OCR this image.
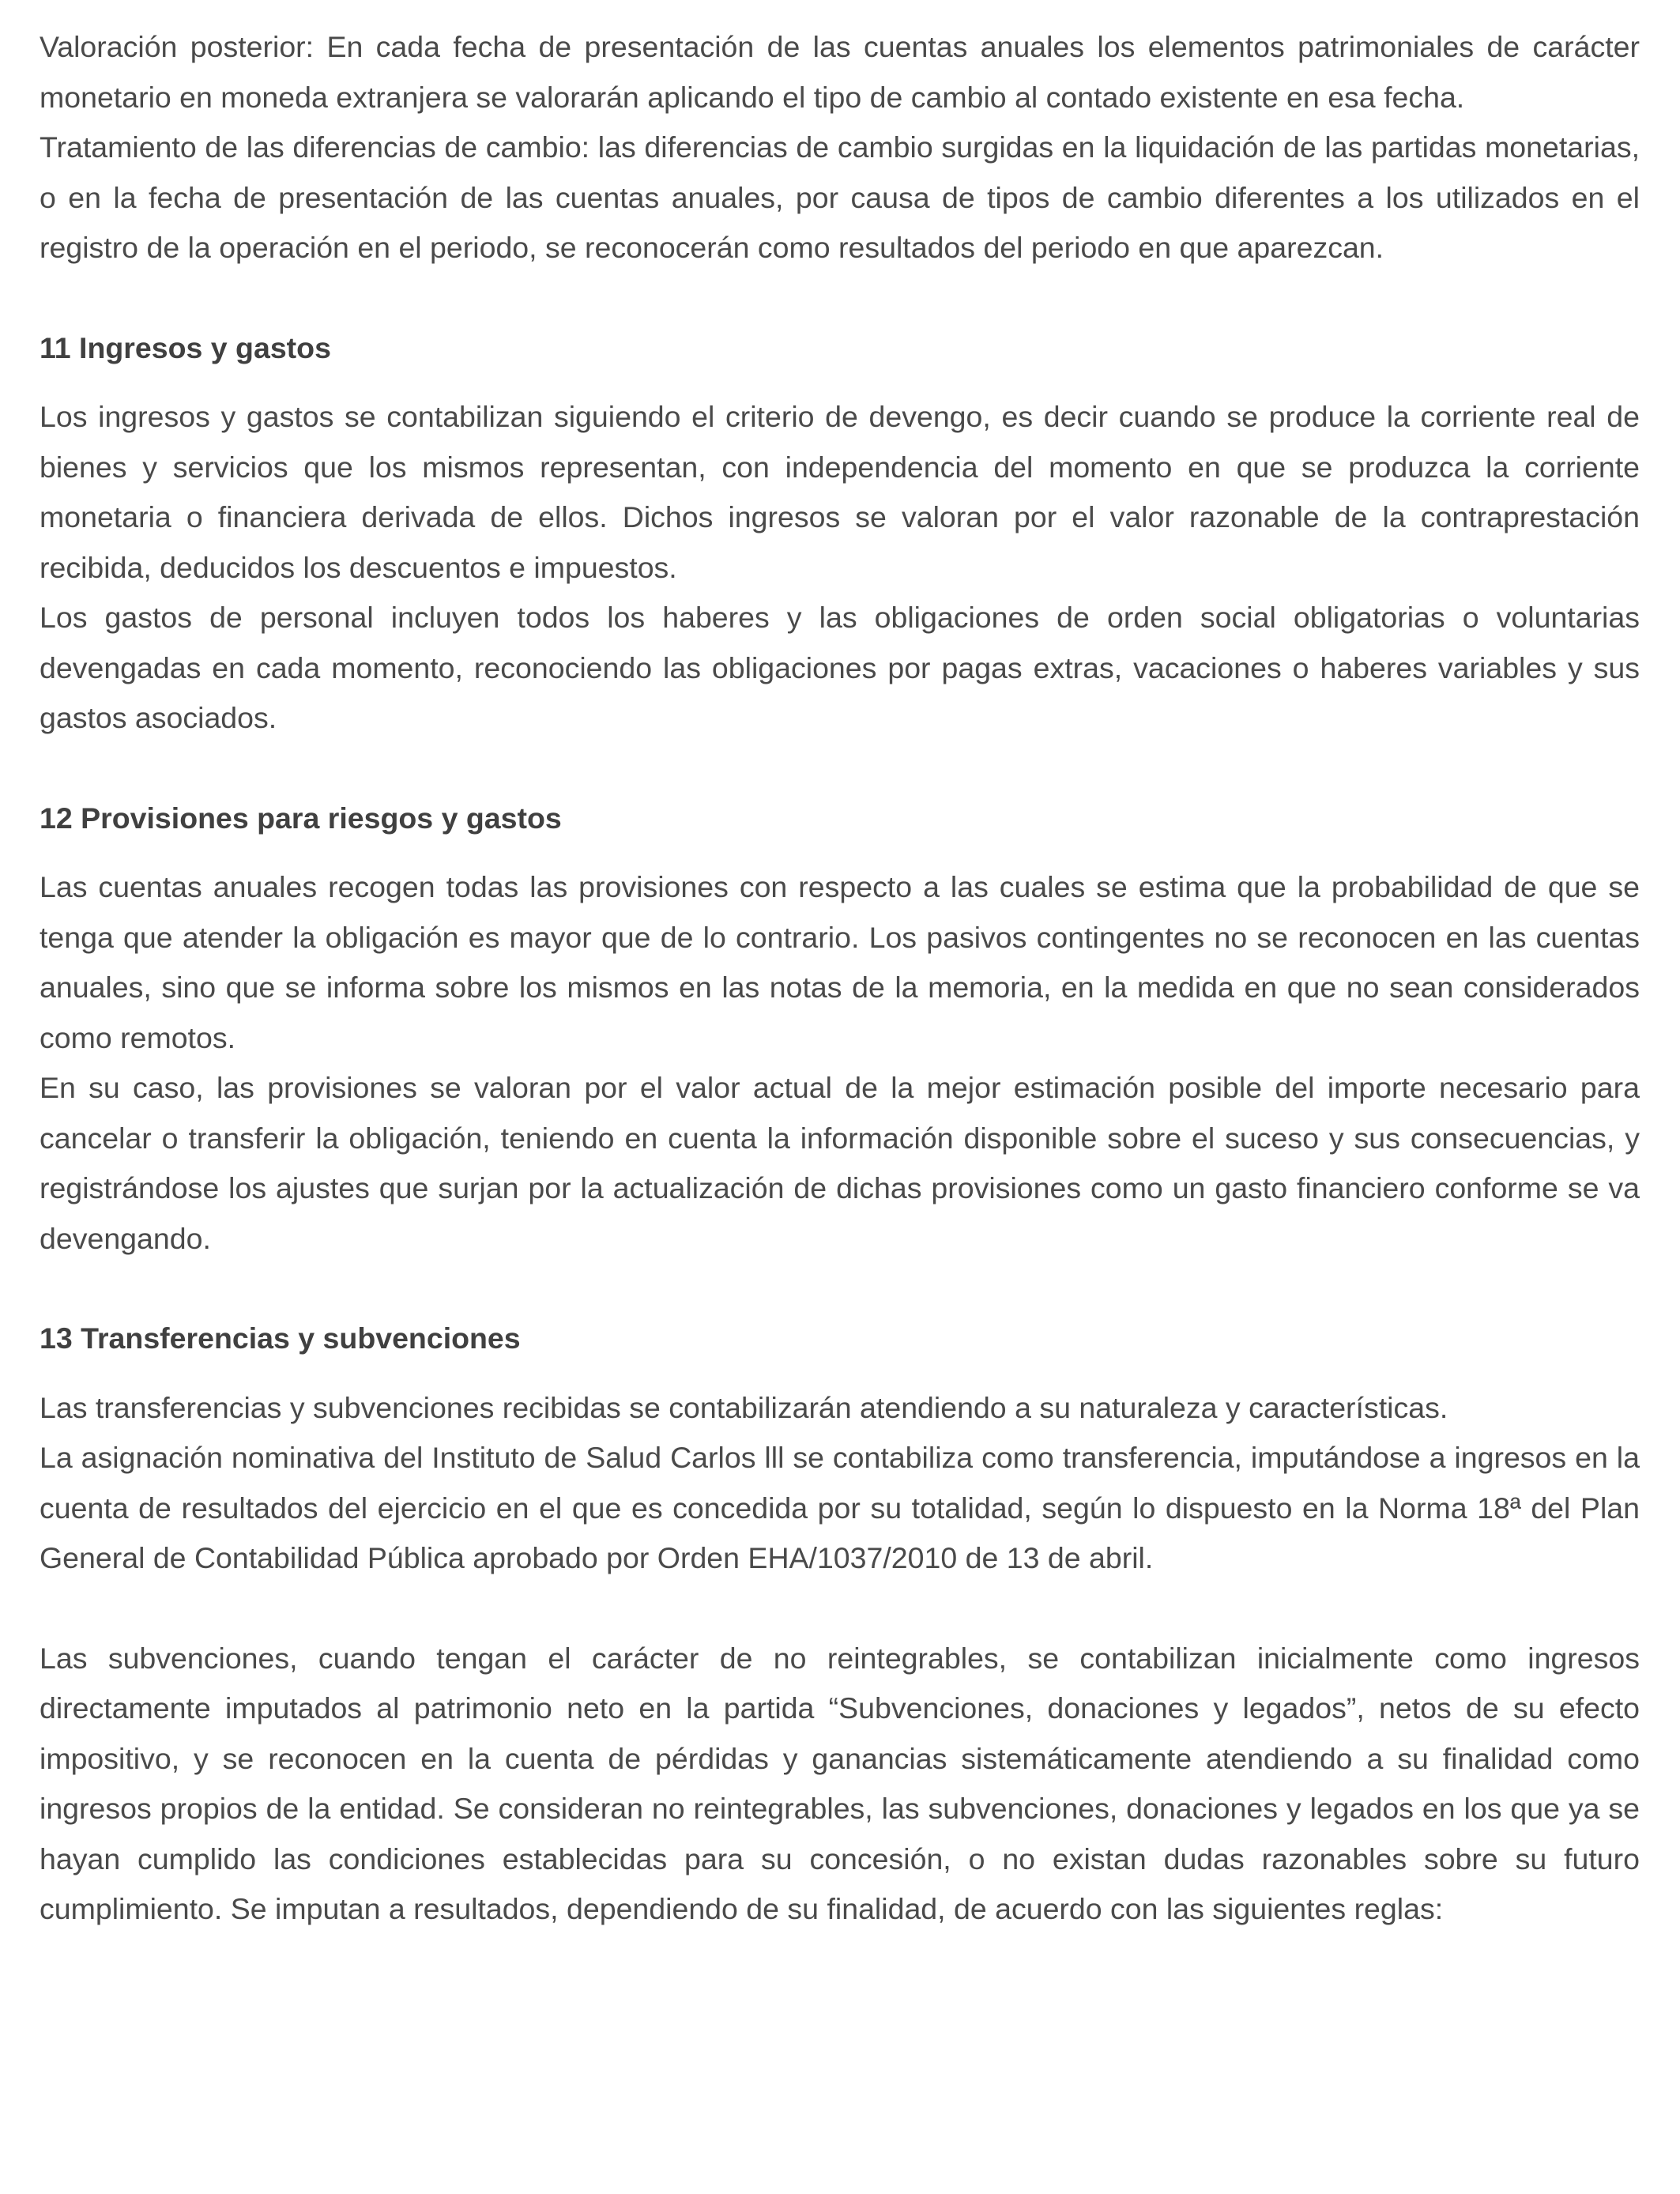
Valoración posterior: En cada fecha de presentación de las cuentas anuales los elementos patrimoniales de carácter monetario en moneda extranjera se valorarán aplicando el tipo de cambio al contado existente en esa fecha.

Tratamiento de las diferencias de cambio: las diferencias de cambio surgidas en la liquidación de las partidas monetarias, o en la fecha de presentación de las cuentas anuales, por causa de tipos de cambio diferentes a los utilizados en el registro de la operación en el periodo, se reconocerán como resultados del periodo en que aparezcan.

11 Ingresos y gastos

Los ingresos y gastos se contabilizan siguiendo el criterio de devengo, es decir cuando se produce la corriente real de bienes y servicios que los mismos representan, con independencia del momento en que se produzca la corriente monetaria o financiera derivada de ellos. Dichos ingresos se valoran por el valor razonable de la contraprestación recibida, deducidos los descuentos e impuestos.

Los gastos de personal incluyen todos los haberes y las obligaciones de orden social obligatorias o voluntarias devengadas en cada momento, reconociendo las obligaciones por pagas extras, vacaciones o haberes variables y sus gastos asociados.

12 Provisiones para riesgos y gastos

Las cuentas anuales recogen todas las provisiones con respecto a las cuales se estima que la probabilidad de que se tenga que atender la obligación es mayor que de lo contrario. Los pasivos contingentes no se reconocen en las cuentas anuales, sino que se informa sobre los mismos en las notas de la memoria, en la medida en que no sean considerados como remotos.

En su caso, las provisiones se valoran por el valor actual de la mejor estimación posible del importe necesario para cancelar o transferir la obligación, teniendo en cuenta la información disponible sobre el suceso y sus consecuencias, y registrándose los ajustes que surjan por la actualización de dichas provisiones como un gasto financiero conforme se va devengando.

13 Transferencias y subvenciones

Las transferencias y subvenciones recibidas se contabilizarán atendiendo a su naturaleza y características.

La asignación nominativa del Instituto de Salud Carlos lll se contabiliza como transferencia, imputándose a ingresos en la cuenta de resultados del ejercicio en el que es concedida por su totalidad, según lo dispuesto en la Norma 18ª del Plan General de Contabilidad Pública aprobado por Orden EHA/1037/2010 de 13 de abril.

Las subvenciones, cuando tengan el carácter de no reintegrables, se contabilizan inicialmente como ingresos directamente imputados al patrimonio neto en la partida “Subvenciones, donaciones y legados”, netos de su efecto impositivo, y se reconocen en la cuenta de pérdidas y ganancias sistemáticamente atendiendo a su finalidad como ingresos propios de la entidad. Se consideran no reintegrables, las subvenciones, donaciones y legados en los que ya se hayan cumplido las condiciones establecidas para su concesión, o no existan dudas razonables sobre su futuro cumplimiento. Se imputan a resultados, dependiendo de su finalidad, de acuerdo con las siguientes reglas:
